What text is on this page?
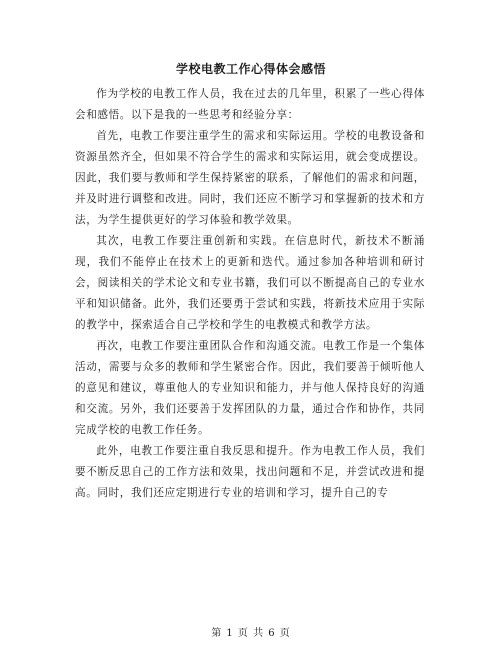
学校电教工作心得体会感悟

作为学校的电教工作人员，我在过去的几年里，积累了一些心得体会和感悟。以下是我的一些思考和经验分享：

首先，电教工作要注重学生的需求和实际运用。学校的电教设备和资源虽然齐全，但如果不符合学生的需求和实际运用，就会变成摆设。因此，我们要与教师和学生保持紧密的联系，了解他们的需求和问题，并及时进行调整和改进。同时，我们还应不断学习和掌握新的技术和方法，为学生提供更好的学习体验和教学效果。

其次，电教工作要注重创新和实践。在信息时代，新技术不断涌现，我们不能停止在技术上的更新和迭代。通过参加各种培训和研讨会，阅读相关的学术论文和专业书籍，我们可以不断提高自己的专业水平和知识储备。此外，我们还要勇于尝试和实践，将新技术应用于实际的教学中，探索适合自己学校和学生的电教模式和教学方法。

再次，电教工作要注重团队合作和沟通交流。电教工作是一个集体活动，需要与众多的教师和学生紧密合作。因此，我们要善于倾听他人的意见和建议，尊重他人的专业知识和能力，并与他人保持良好的沟通和交流。另外，我们还要善于发挥团队的力量，通过合作和协作，共同完成学校的电教工作任务。

此外，电教工作要注重自我反思和提升。作为电教工作人员，我们要不断反思自己的工作方法和效果，找出问题和不足，并尝试改进和提高。同时，我们还应定期进行专业的培训和学习，提升自己的专

第 1 页 共 6 页
